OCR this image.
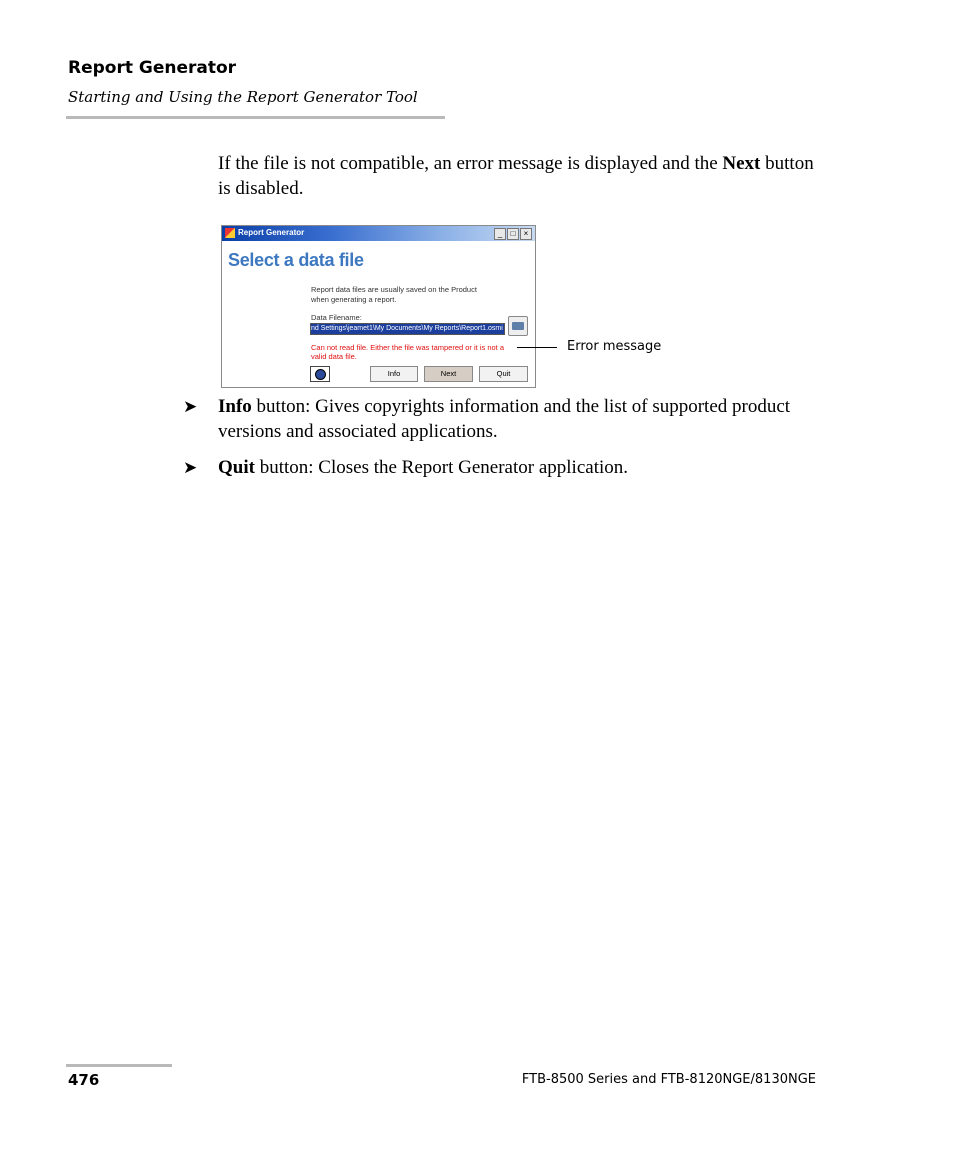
Report Generator
Starting and Using the Report Generator Tool
If the file is not compatible, an error message is displayed and the Next button is disabled.
Report Generator	_	□	×
Select a data file
Report data files are usually saved on the Product
when generating a report.
Data Filename:
nd Settings\jeamet1\My Documents\My Reports\Report1.osmi
Can not read file. Either the file was tampered or it is not a valid data file.
Info	Next	Quit
Error message
➤ Info button: Gives copyrights information and the list of supported product versions and associated applications.
➤ Quit button: Closes the Report Generator application.
476	FTB-8500 Series and FTB-8120NGE/8130NGE
